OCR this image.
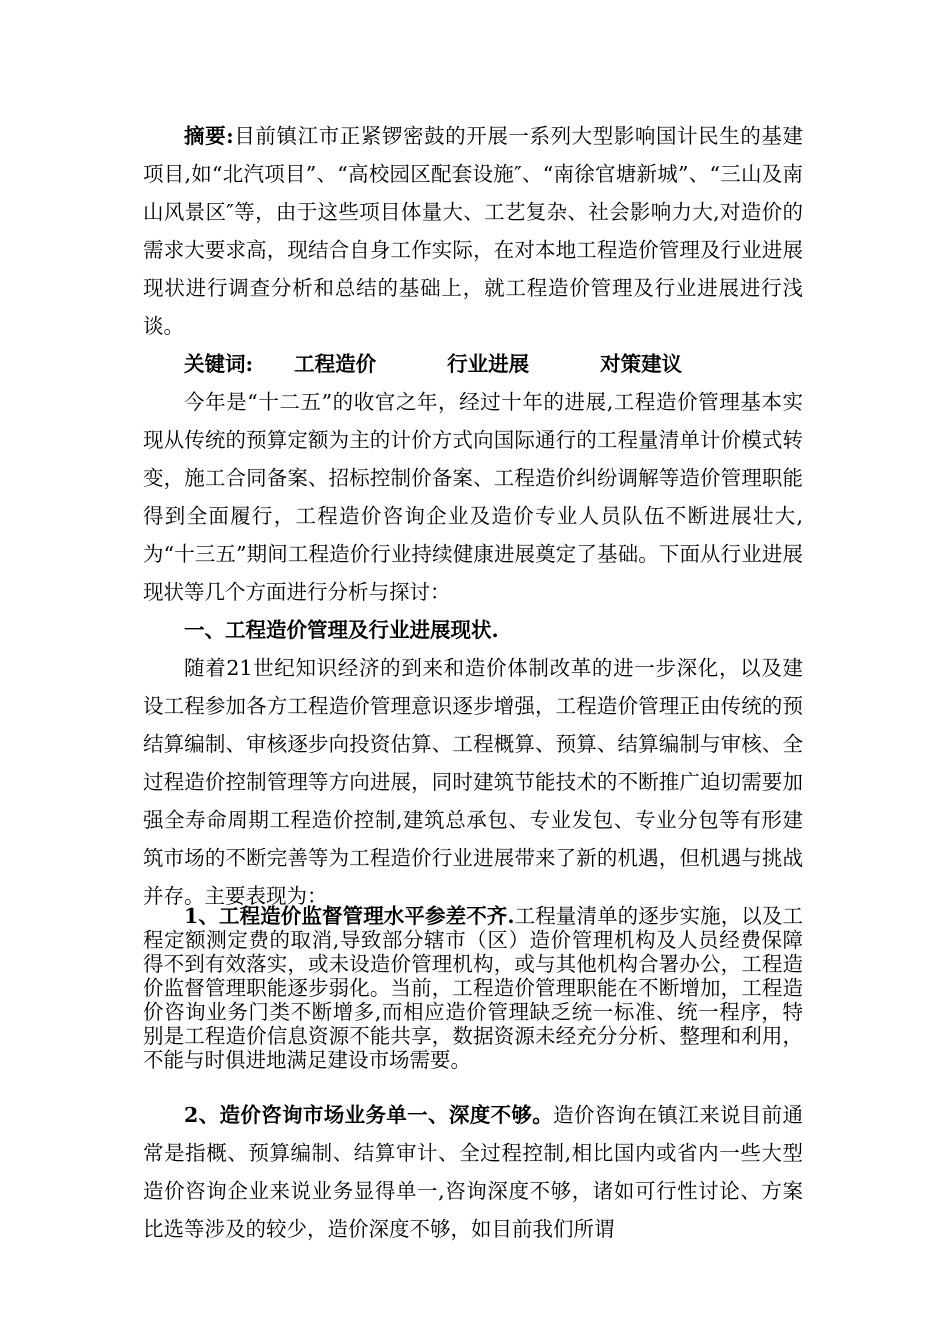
摘要:目前镇江市正紧锣密鼓的开展一系列大型影响国计民生的基建项目,如“北汽项目”、“高校园区配套设施″、“南徐官塘新城”、“三山及南山风景区″等，由于这些项目体量大、工艺复杂、社会影响力大,对造价的需求大要求高，现结合自身工作实际，在对本地工程造价管理及行业进展现状进行调查分析和总结的基础上，就工程造价管理及行业进展进行浅谈。

关键词: 工程造价	行业进展	对策建议

今年是“十二五”的收官之年，经过十年的进展,工程造价管理基本实现从传统的预算定额为主的计价方式向国际通行的工程量清单计价模式转变，施工合同备案、招标控制价备案、工程造价纠纷调解等造价管理职能得到全面履行，工程造价咨询企业及造价专业人员队伍不断进展壮大,为“十三五”期间工程造价行业持续健康进展奠定了基础。下面从行业进展现状等几个方面进行分析与探讨：

一、工程造价管理及行业进展现状.

随着21世纪知识经济的到来和造价体制改革的进一步深化，以及建设工程参加各方工程造价管理意识逐步增强，工程造价管理正由传统的预结算编制、审核逐步向投资估算、工程概算、预算、结算编制与审核、全过程造价控制管理等方向进展，同时建筑节能技术的不断推广迫切需要加强全寿命周期工程造价控制,建筑总承包、专业发包、专业分包等有形建筑市场的不断完善等为工程造价行业进展带来了新的机遇，但机遇与挑战并存。主要表现为：

1、工程造价监督管理水平参差不齐.工程量清单的逐步实施，以及工程定额测定费的取消,导致部分辖市（区）造价管理机构及人员经费保障得不到有效落实，或未设造价管理机构，或与其他机构合署办公，工程造价监督管理职能逐步弱化。当前，工程造价管理职能在不断增加，工程造价咨询业务门类不断增多,而相应造价管理缺乏统一标准、统一程序，特别是工程造价信息资源不能共享，数据资源未经充分分析、整理和利用，不能与时俱进地满足建设市场需要。

2、造价咨询市场业务单一、深度不够。造价咨询在镇江来说目前通常是指概、预算编制、结算审计、全过程控制,相比国内或省内一些大型造价咨询企业来说业务显得单一,咨询深度不够，诸如可行性讨论、方案比选等涉及的较少，造价深度不够，如目前我们所谓
